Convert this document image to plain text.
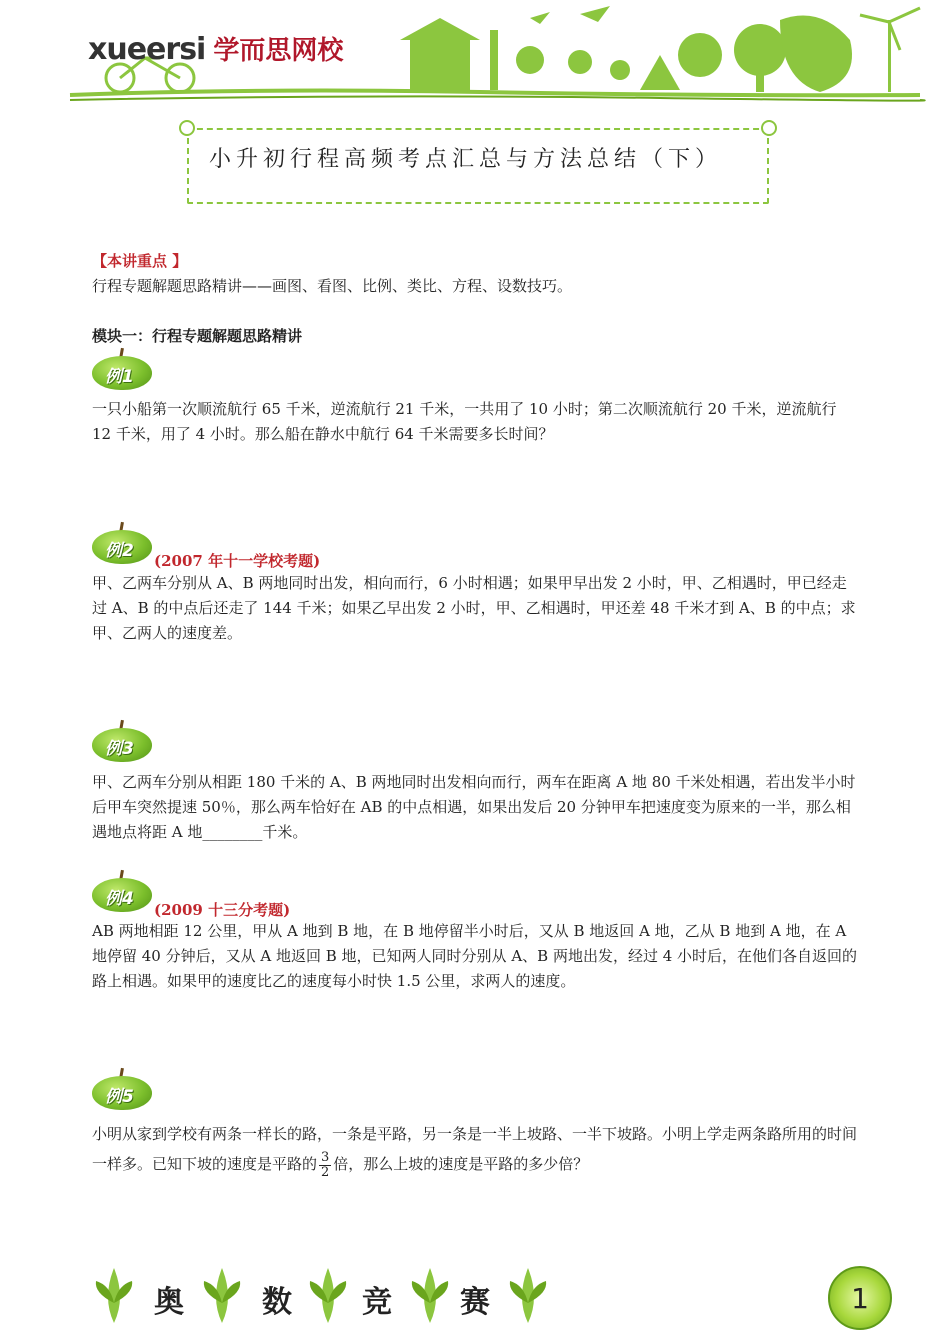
xueersi 学而思网校
小升初行程高频考点汇总与方法总结（下）
【本讲重点 】
行程专题解题思路精讲——画图、看图、比例、类比、方程、设数技巧。
模块一：行程专题解题思路精讲
例1
一只小船第一次顺流航行 65 千米，逆流航行 21 千米，一共用了 10 小时；第二次顺流航行 20 千米，逆流航行 12 千米，用了 4 小时。那么船在静水中航行 64 千米需要多长时间？
例2 (2007 年十一学校考题)
甲、乙两车分别从 A、B 两地同时出发，相向而行，6 小时相遇；如果甲早出发 2 小时，甲、乙相遇时，甲已经走过 A、B 的中点后还走了 144 千米；如果乙早出发 2 小时，甲、乙相遇时，甲还差 48 千米才到 A、B 的中点；求甲、乙两人的速度差。
例3
甲、乙两车分别从相距 180 千米的 A、B 两地同时出发相向而行，两车在距离 A 地 80 千米处相遇，若出发半小时后甲车突然提速 50％，那么两车恰好在 AB 的中点相遇，如果出发后 20 分钟甲车把速度变为原来的一半，那么相遇地点将距 A 地________千米。
例4
(2009 十三分考题)
AB 两地相距 12 公里，甲从 A 地到 B 地，在 B 地停留半小时后，又从 B 地返回 A 地，乙从 B 地到 A 地，在 A 地停留 40 分钟后，又从 A 地返回 B 地，已知两人同时分别从 A、B 两地出发，经过 4 小时后，在他们各自返回的路上相遇。如果甲的速度比乙的速度每小时快 1.5 公里，求两人的速度。
例5
小明从家到学校有两条一样长的路，一条是平路，另一条是一半上坡路、一半下坡路。小明上学走两条路所用的时间一样多。已知下坡的速度是平路的 $\frac{3}{2}$ 倍，那么上坡的速度是平路的多少倍？
奥	数 竞 赛	1
